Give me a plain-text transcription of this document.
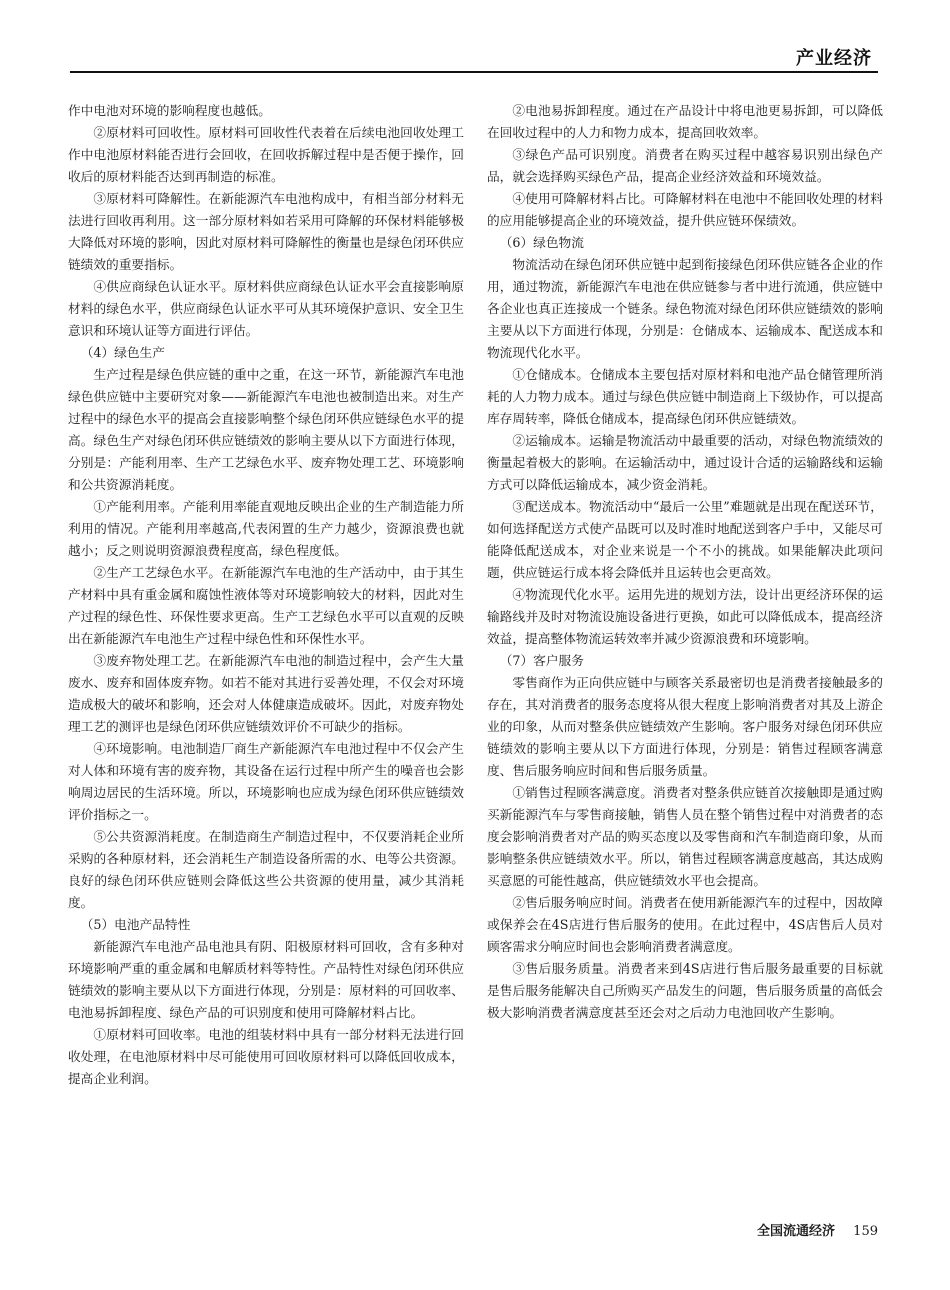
产业经济

作中电池对环境的影响程度也越低。

②原材料可回收性。原材料可回收性代表着在后续电池回收处理工作中电池原材料能否进行会回收，在回收拆解过程中是否便于操作，回收后的原材料能否达到再制造的标准。

③原材料可降解性。在新能源汽车电池构成中，有相当部分材料无法进行回收再利用。这一部分原材料如若采用可降解的环保材料能够极大降低对环境的影响，因此对原材料可降解性的衡量也是绿色闭环供应链绩效的重要指标。

④供应商绿色认证水平。原材料供应商绿色认证水平会直接影响原材料的绿色水平，供应商绿色认证水平可从其环境保护意识、安全卫生意识和环境认证等方面进行评估。

（4）绿色生产

生产过程是绿色供应链的重中之重，在这一环节，新能源汽车电池绿色供应链中主要研究对象——新能源汽车电池也被制造出来。对生产过程中的绿色水平的提高会直接影响整个绿色闭环供应链绿色水平的提高。绿色生产对绿色闭环供应链绩效的影响主要从以下方面进行体现，分别是：产能利用率、生产工艺绿色水平、废弃物处理工艺、环境影响和公共资源消耗度。

①产能利用率。产能利用率能直观地反映出企业的生产制造能力所利用的情况。产能利用率越高,代表闲置的生产力越少，资源浪费也就越小；反之则说明资源浪费程度高，绿色程度低。

②生产工艺绿色水平。在新能源汽车电池的生产活动中，由于其生产材料中具有重金属和腐蚀性液体等对环境影响较大的材料，因此对生产过程的绿色性、环保性要求更高。生产工艺绿色水平可以直观的反映出在新能源汽车电池生产过程中绿色性和环保性水平。

③废弃物处理工艺。在新能源汽车电池的制造过程中，会产生大量废水、废弃和固体废弃物。如若不能对其进行妥善处理，不仅会对环境造成极大的破坏和影响，还会对人体健康造成破坏。因此，对废弃物处理工艺的测评也是绿色闭环供应链绩效评价不可缺少的指标。

④环境影响。电池制造厂商生产新能源汽车电池过程中不仅会产生对人体和环境有害的废弃物，其设备在运行过程中所产生的噪音也会影响周边居民的生活环境。所以，环境影响也应成为绿色闭环供应链绩效评价指标之一。

⑤公共资源消耗度。在制造商生产制造过程中，不仅要消耗企业所采购的各种原材料，还会消耗生产制造设备所需的水、电等公共资源。良好的绿色闭环供应链则会降低这些公共资源的使用量，减少其消耗度。

（5）电池产品特性

新能源汽车电池产品电池具有阴、阳极原材料可回收，含有多种对环境影响严重的重金属和电解质材料等特性。产品特性对绿色闭环供应链绩效的影响主要从以下方面进行体现，分别是：原材料的可回收率、电池易拆卸程度、绿色产品的可识别度和使用可降解材料占比。

①原材料可回收率。电池的组装材料中具有一部分材料无法进行回收处理，在电池原材料中尽可能使用可回收原材料可以降低回收成本，提高企业利润。

②电池易拆卸程度。通过在产品设计中将电池更易拆卸，可以降低在回收过程中的人力和物力成本，提高回收效率。

③绿色产品可识别度。消费者在购买过程中越容易识别出绿色产品，就会选择购买绿色产品，提高企业经济效益和环境效益。

④使用可降解材料占比。可降解材料在电池中不能回收处理的材料的应用能够提高企业的环境效益，提升供应链环保绩效。

（6）绿色物流

物流活动在绿色闭环供应链中起到衔接绿色闭环供应链各企业的作用，通过物流，新能源汽车电池在供应链参与者中进行流通，供应链中各企业也真正连接成一个链条。绿色物流对绿色闭环供应链绩效的影响主要从以下方面进行体现，分别是：仓储成本、运输成本、配送成本和物流现代化水平。

①仓储成本。仓储成本主要包括对原材料和电池产品仓储管理所消耗的人力物力成本。通过与绿色供应链中制造商上下级协作，可以提高库存周转率，降低仓储成本，提高绿色闭环供应链绩效。

②运输成本。运输是物流活动中最重要的活动，对绿色物流绩效的衡量起着极大的影响。在运输活动中，通过设计合适的运输路线和运输方式可以降低运输成本，减少资金消耗。

③配送成本。物流活动中“最后一公里”难题就是出现在配送环节，如何选择配送方式使产品既可以及时准时地配送到客户手中，又能尽可能降低配送成本，对企业来说是一个不小的挑战。如果能解决此项问题，供应链运行成本将会降低并且运转也会更高效。

④物流现代化水平。运用先进的规划方法，设计出更经济环保的运输路线并及时对物流设施设备进行更换，如此可以降低成本，提高经济效益，提高整体物流运转效率并减少资源浪费和环境影响。

（7）客户服务

零售商作为正向供应链中与顾客关系最密切也是消费者接触最多的存在，其对消费者的服务态度将从很大程度上影响消费者对其及上游企业的印象，从而对整条供应链绩效产生影响。客户服务对绿色闭环供应链绩效的影响主要从以下方面进行体现，分别是：销售过程顾客满意度、售后服务响应时间和售后服务质量。

①销售过程顾客满意度。消费者对整条供应链首次接触即是通过购买新能源汽车与零售商接触，销售人员在整个销售过程中对消费者的态度会影响消费者对产品的购买态度以及零售商和汽车制造商印象，从而影响整条供应链绩效水平。所以，销售过程顾客满意度越高，其达成购买意愿的可能性越高，供应链绩效水平也会提高。

②售后服务响应时间。消费者在使用新能源汽车的过程中，因故障或保养会在4S店进行售后服务的使用。在此过程中，4S店售后人员对顾客需求分响应时间也会影响消费者满意度。

③售后服务质量。消费者来到4S店进行售后服务最重要的目标就是售后服务能解决自己所购买产品发生的问题，售后服务质量的高低会极大影响消费者满意度甚至还会对之后动力电池回收产生影响。

全国流通经济 159
